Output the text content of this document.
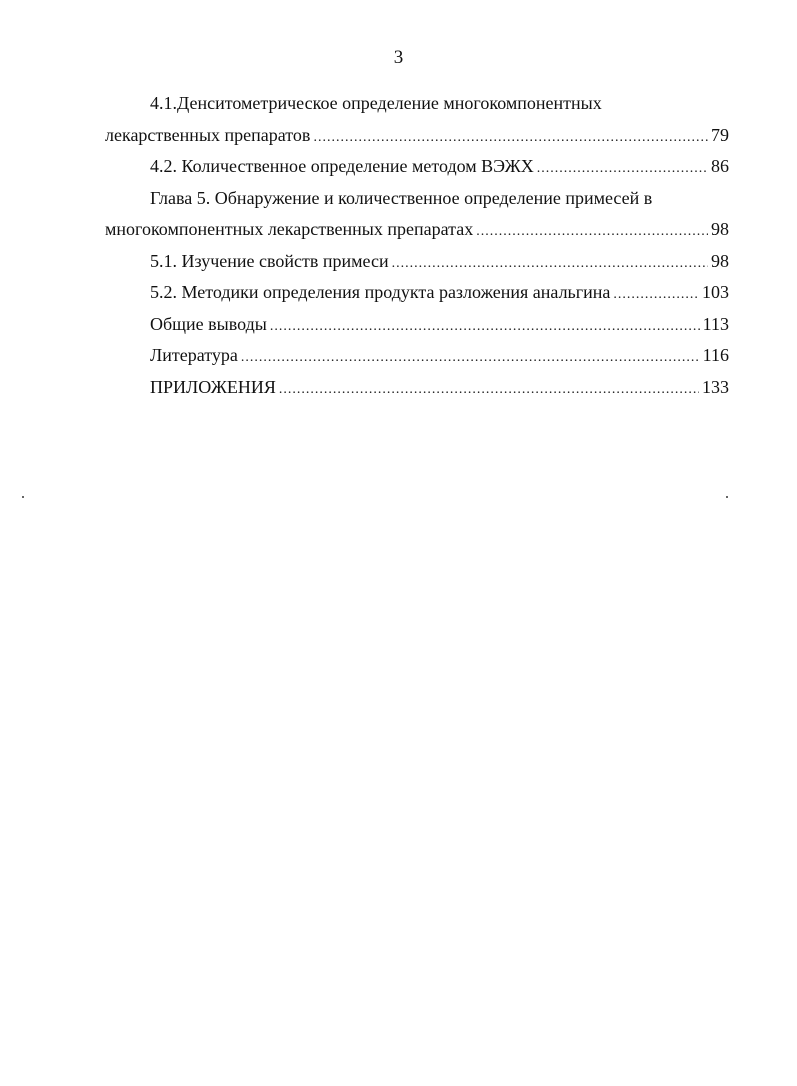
3
4.1.Денситометрическое определение многокомпонентных
лекарственных препаратов .....	79
4.2. Количественное определение методом ВЭЖХ .....	86
Глава 5. Обнаружение и количественное определение примесей в
многокомпонентных лекарственных препаратах .....	98
5.1. Изучение свойств примеси .....	98
5.2. Методики определения продукта разложения анальгина .....	103
Общие выводы .....	113
Литература .....	116
ПРИЛОЖЕНИЯ .....	133
